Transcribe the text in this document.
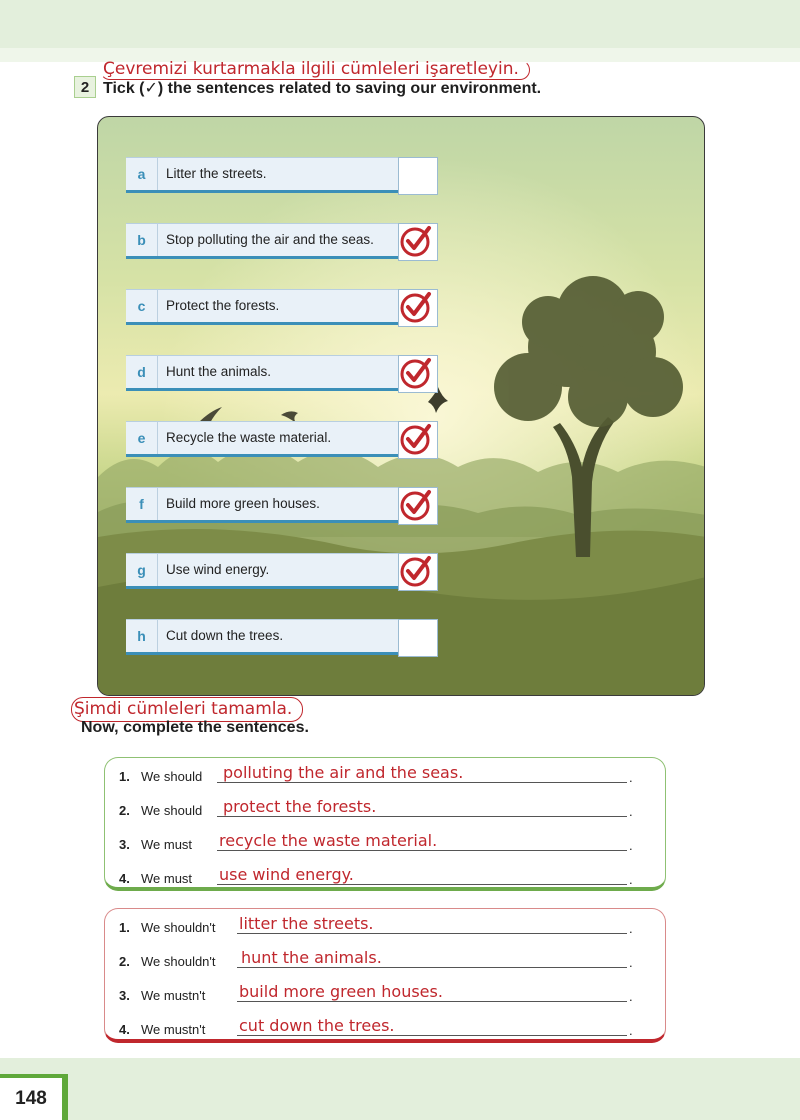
Çevremizi kurtarmakla ilgili cümleleri işaretleyin.
2 Tick (✓) the sentences related to saving our environment.
a	Litter the streets.
b	Stop polluting the air and the seas.
c	Protect the forests.
d	Hunt the animals.
e	Recycle the waste material.
f	Build more green houses.
g	Use wind energy.
h	Cut down the trees.
Şimdi cümleleri tamamla.
Now, complete the sentences.
1. We should polluting the air and the seas.	.
2. We should protect the forests.	.
3. We must recycle the waste material.	.
4. We must use wind energy.	.
1. We shouldn't litter the streets.	.
2. We shouldn't hunt the animals.	.
3. We mustn't build more green houses.	.
4. We mustn't cut down the trees.	.
148
